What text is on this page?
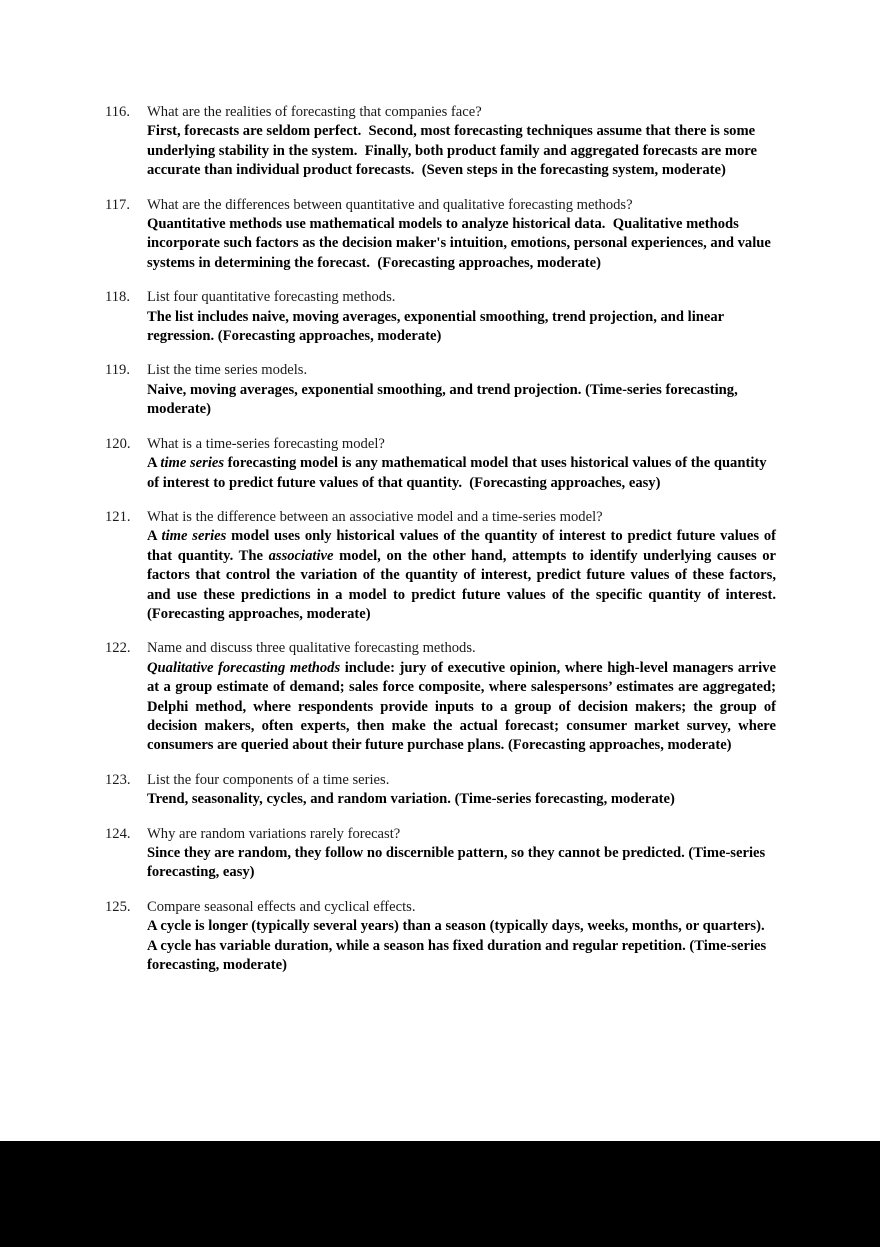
116.	What are the realities of forecasting that companies face?
First, forecasts are seldom perfect.  Second, most forecasting techniques assume that there is some underlying stability in the system.  Finally, both product family and aggregated forecasts are more accurate than individual product forecasts.  (Seven steps in the forecasting system, moderate)
117.	What are the differences between quantitative and qualitative forecasting methods?
Quantitative methods use mathematical models to analyze historical data.  Qualitative methods incorporate such factors as the decision maker's intuition, emotions, personal experiences, and value systems in determining the forecast.  (Forecasting approaches, moderate)
118.	List four quantitative forecasting methods.
The list includes naive, moving averages, exponential smoothing, trend projection, and linear regression. (Forecasting approaches, moderate)
119.	List the time series models.
Naive, moving averages, exponential smoothing, and trend projection. (Time-series forecasting, moderate)
120.	What is a time-series forecasting model?
A time series forecasting model is any mathematical model that uses historical values of the quantity of interest to predict future values of that quantity.  (Forecasting approaches, easy)
121.	What is the difference between an associative model and a time-series model?
A time series model uses only historical values of the quantity of interest to predict future values of that quantity. The associative model, on the other hand, attempts to identify underlying causes or factors that control the variation of the quantity of interest, predict future values of these factors, and use these predictions in a model to predict future values of the specific quantity of interest.  (Forecasting approaches, moderate)
122.	Name and discuss three qualitative forecasting methods.
Qualitative forecasting methods include: jury of executive opinion, where high-level managers arrive at a group estimate of demand; sales force composite, where salespersons’ estimates are aggregated; Delphi method, where respondents provide inputs to a group of decision makers; the group of decision makers, often experts, then make the actual forecast; consumer market survey, where consumers are queried about their future purchase plans. (Forecasting approaches, moderate)
123.	List the four components of a time series.
Trend, seasonality, cycles, and random variation. (Time-series forecasting, moderate)
124.	Why are random variations rarely forecast?
Since they are random, they follow no discernible pattern, so they cannot be predicted. (Time-series forecasting, easy)
125.	Compare seasonal effects and cyclical effects.
A cycle is longer (typically several years) than a season (typically days, weeks, months, or quarters).  A cycle has variable duration, while a season has fixed duration and regular repetition. (Time-series forecasting, moderate)
